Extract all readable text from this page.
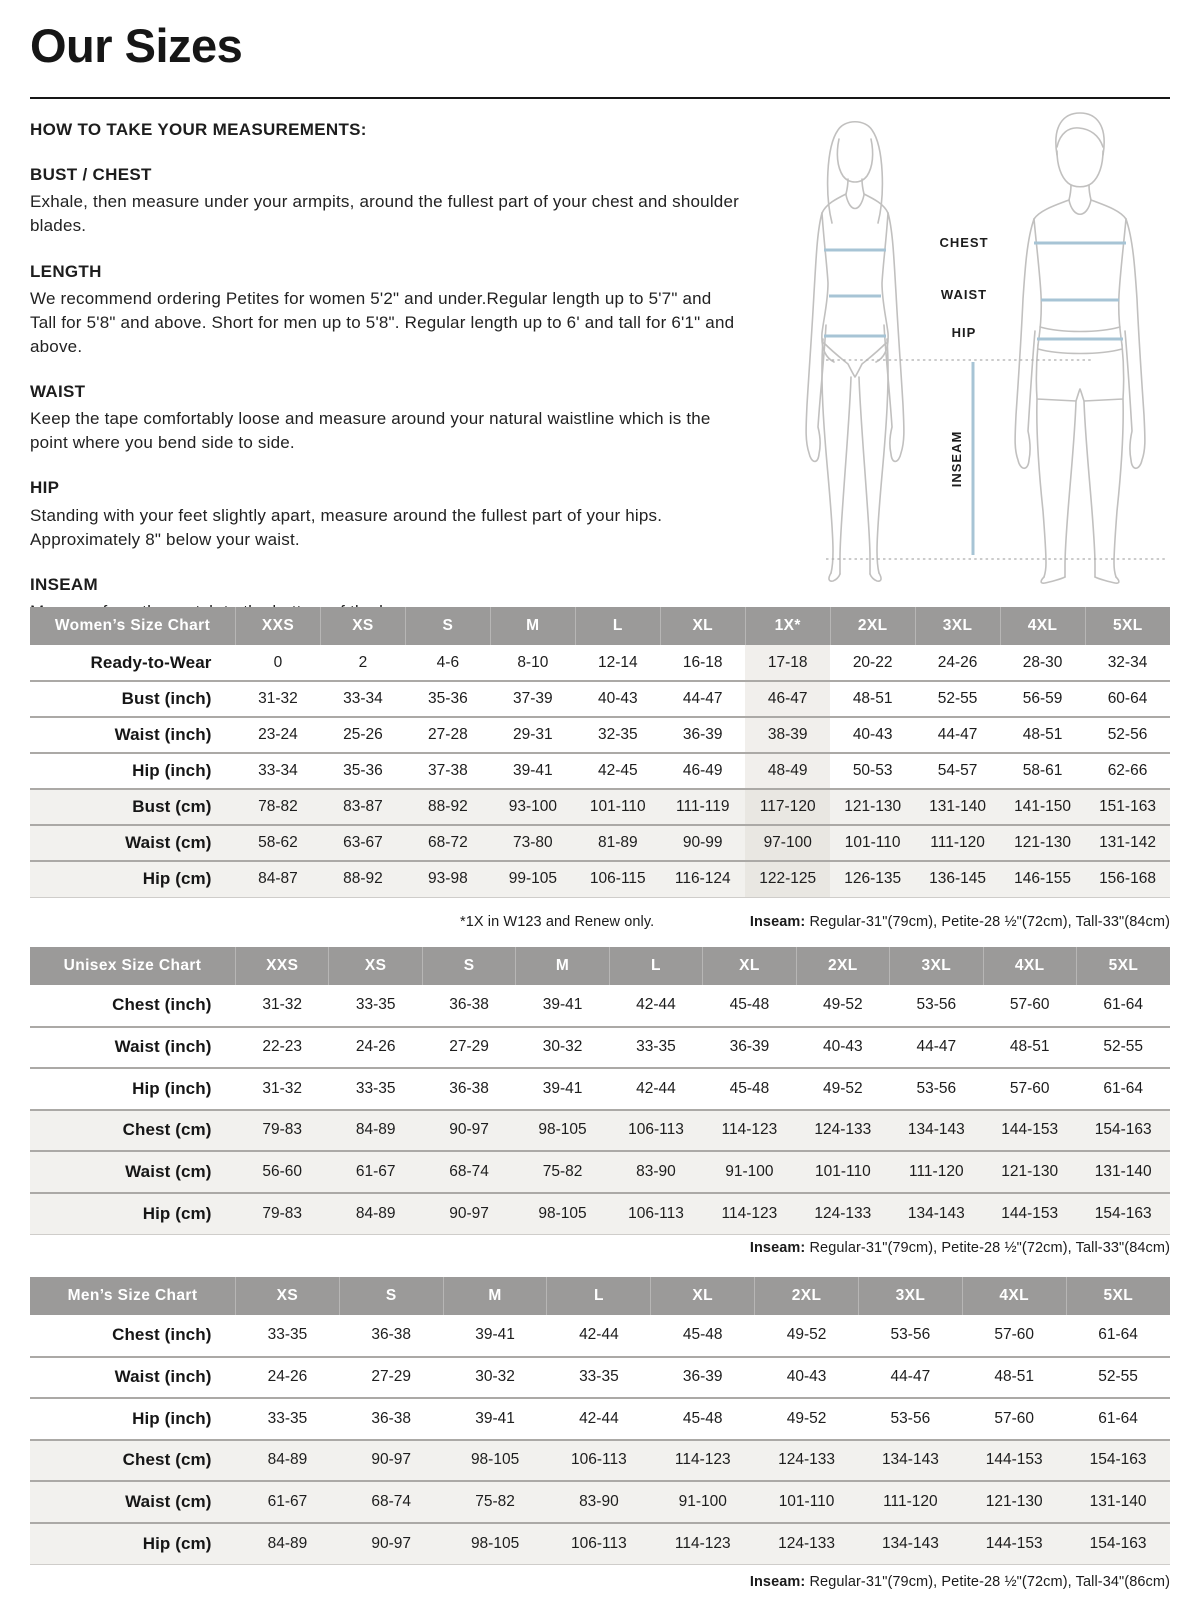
Our Sizes

HOW TO TAKE YOUR MEASUREMENTS:

BUST / CHEST

Exhale, then measure under your armpits, around the fullest part of your chest and shoulder blades.

LENGTH

We recommend ordering Petites for women 5'2" and under.Regular length up to 5'7" and Tall for 5'8" and above. Short for men up to 5'8". Regular length up to 6' and tall for 6'1" and above.

WAIST

Keep the tape comfortably loose and measure around your natural waistline which is the point where you bend side to side.

HIP

Standing with your feet slightly apart, measure around the fullest part of your hips. Approximately 8" below your waist.

INSEAM

CHEST
WAIST
HIP
INSEAM
Women’s Size Chart	XXS	XS	S	M	L	XL	1X*	2XL	3XL	4XL	5XL
Ready-to-Wear	0	2	4-6	8-10	12-14	16-18	17-18	20-22	24-26	28-30	32-34
Bust (inch)	31-32	33-34	35-36	37-39	40-43	44-47	46-47	48-51	52-55	56-59	60-64
Waist (inch)	23-24	25-26	27-28	29-31	32-35	36-39	38-39	40-43	44-47	48-51	52-56
Hip (inch)	33-34	35-36	37-38	39-41	42-45	46-49	48-49	50-53	54-57	58-61	62-66
Bust (cm)	78-82	83-87	88-92	93-100	101-110	111-119	117-120	121-130	131-140	141-150	151-163
Waist (cm)	58-62	63-67	68-72	73-80	81-89	90-99	97-100	101-110	111-120	121-130	131-142
Hip (cm)	84-87	88-92	93-98	99-105	106-115	116-124	122-125	126-135	136-145	146-155	156-168
*1X in W123 and Renew only.	Inseam: Regular-31"(79cm), Petite-28 ½"(72cm), Tall-33"(84cm)
Unisex Size Chart	XXS	XS	S	M	L	XL	2XL	3XL	4XL	5XL
Chest (inch)	31-32	33-35	36-38	39-41	42-44	45-48	49-52	53-56	57-60	61-64
Waist (inch)	22-23	24-26	27-29	30-32	33-35	36-39	40-43	44-47	48-51	52-55
Hip (inch)	31-32	33-35	36-38	39-41	42-44	45-48	49-52	53-56	57-60	61-64
Chest (cm)	79-83	84-89	90-97	98-105	106-113	114-123	124-133	134-143	144-153	154-163
Waist (cm)	56-60	61-67	68-74	75-82	83-90	91-100	101-110	111-120	121-130	131-140
Hip (cm)	79-83	84-89	90-97	98-105	106-113	114-123	124-133	134-143	144-153	154-163
Inseam: Regular-31"(79cm), Petite-28 ½"(72cm), Tall-33"(84cm)
Men’s Size Chart	XS	S	M	L	XL	2XL	3XL	4XL	5XL
Chest (inch)	33-35	36-38	39-41	42-44	45-48	49-52	53-56	57-60	61-64
Waist (inch)	24-26	27-29	30-32	33-35	36-39	40-43	44-47	48-51	52-55
Hip (inch)	33-35	36-38	39-41	42-44	45-48	49-52	53-56	57-60	61-64
Chest (cm)	84-89	90-97	98-105	106-113	114-123	124-133	134-143	144-153	154-163
Waist (cm)	61-67	68-74	75-82	83-90	91-100	101-110	111-120	121-130	131-140
Hip (cm)	84-89	90-97	98-105	106-113	114-123	124-133	134-143	144-153	154-163
Inseam: Regular-31"(79cm), Petite-28 ½"(72cm), Tall-34"(86cm)
